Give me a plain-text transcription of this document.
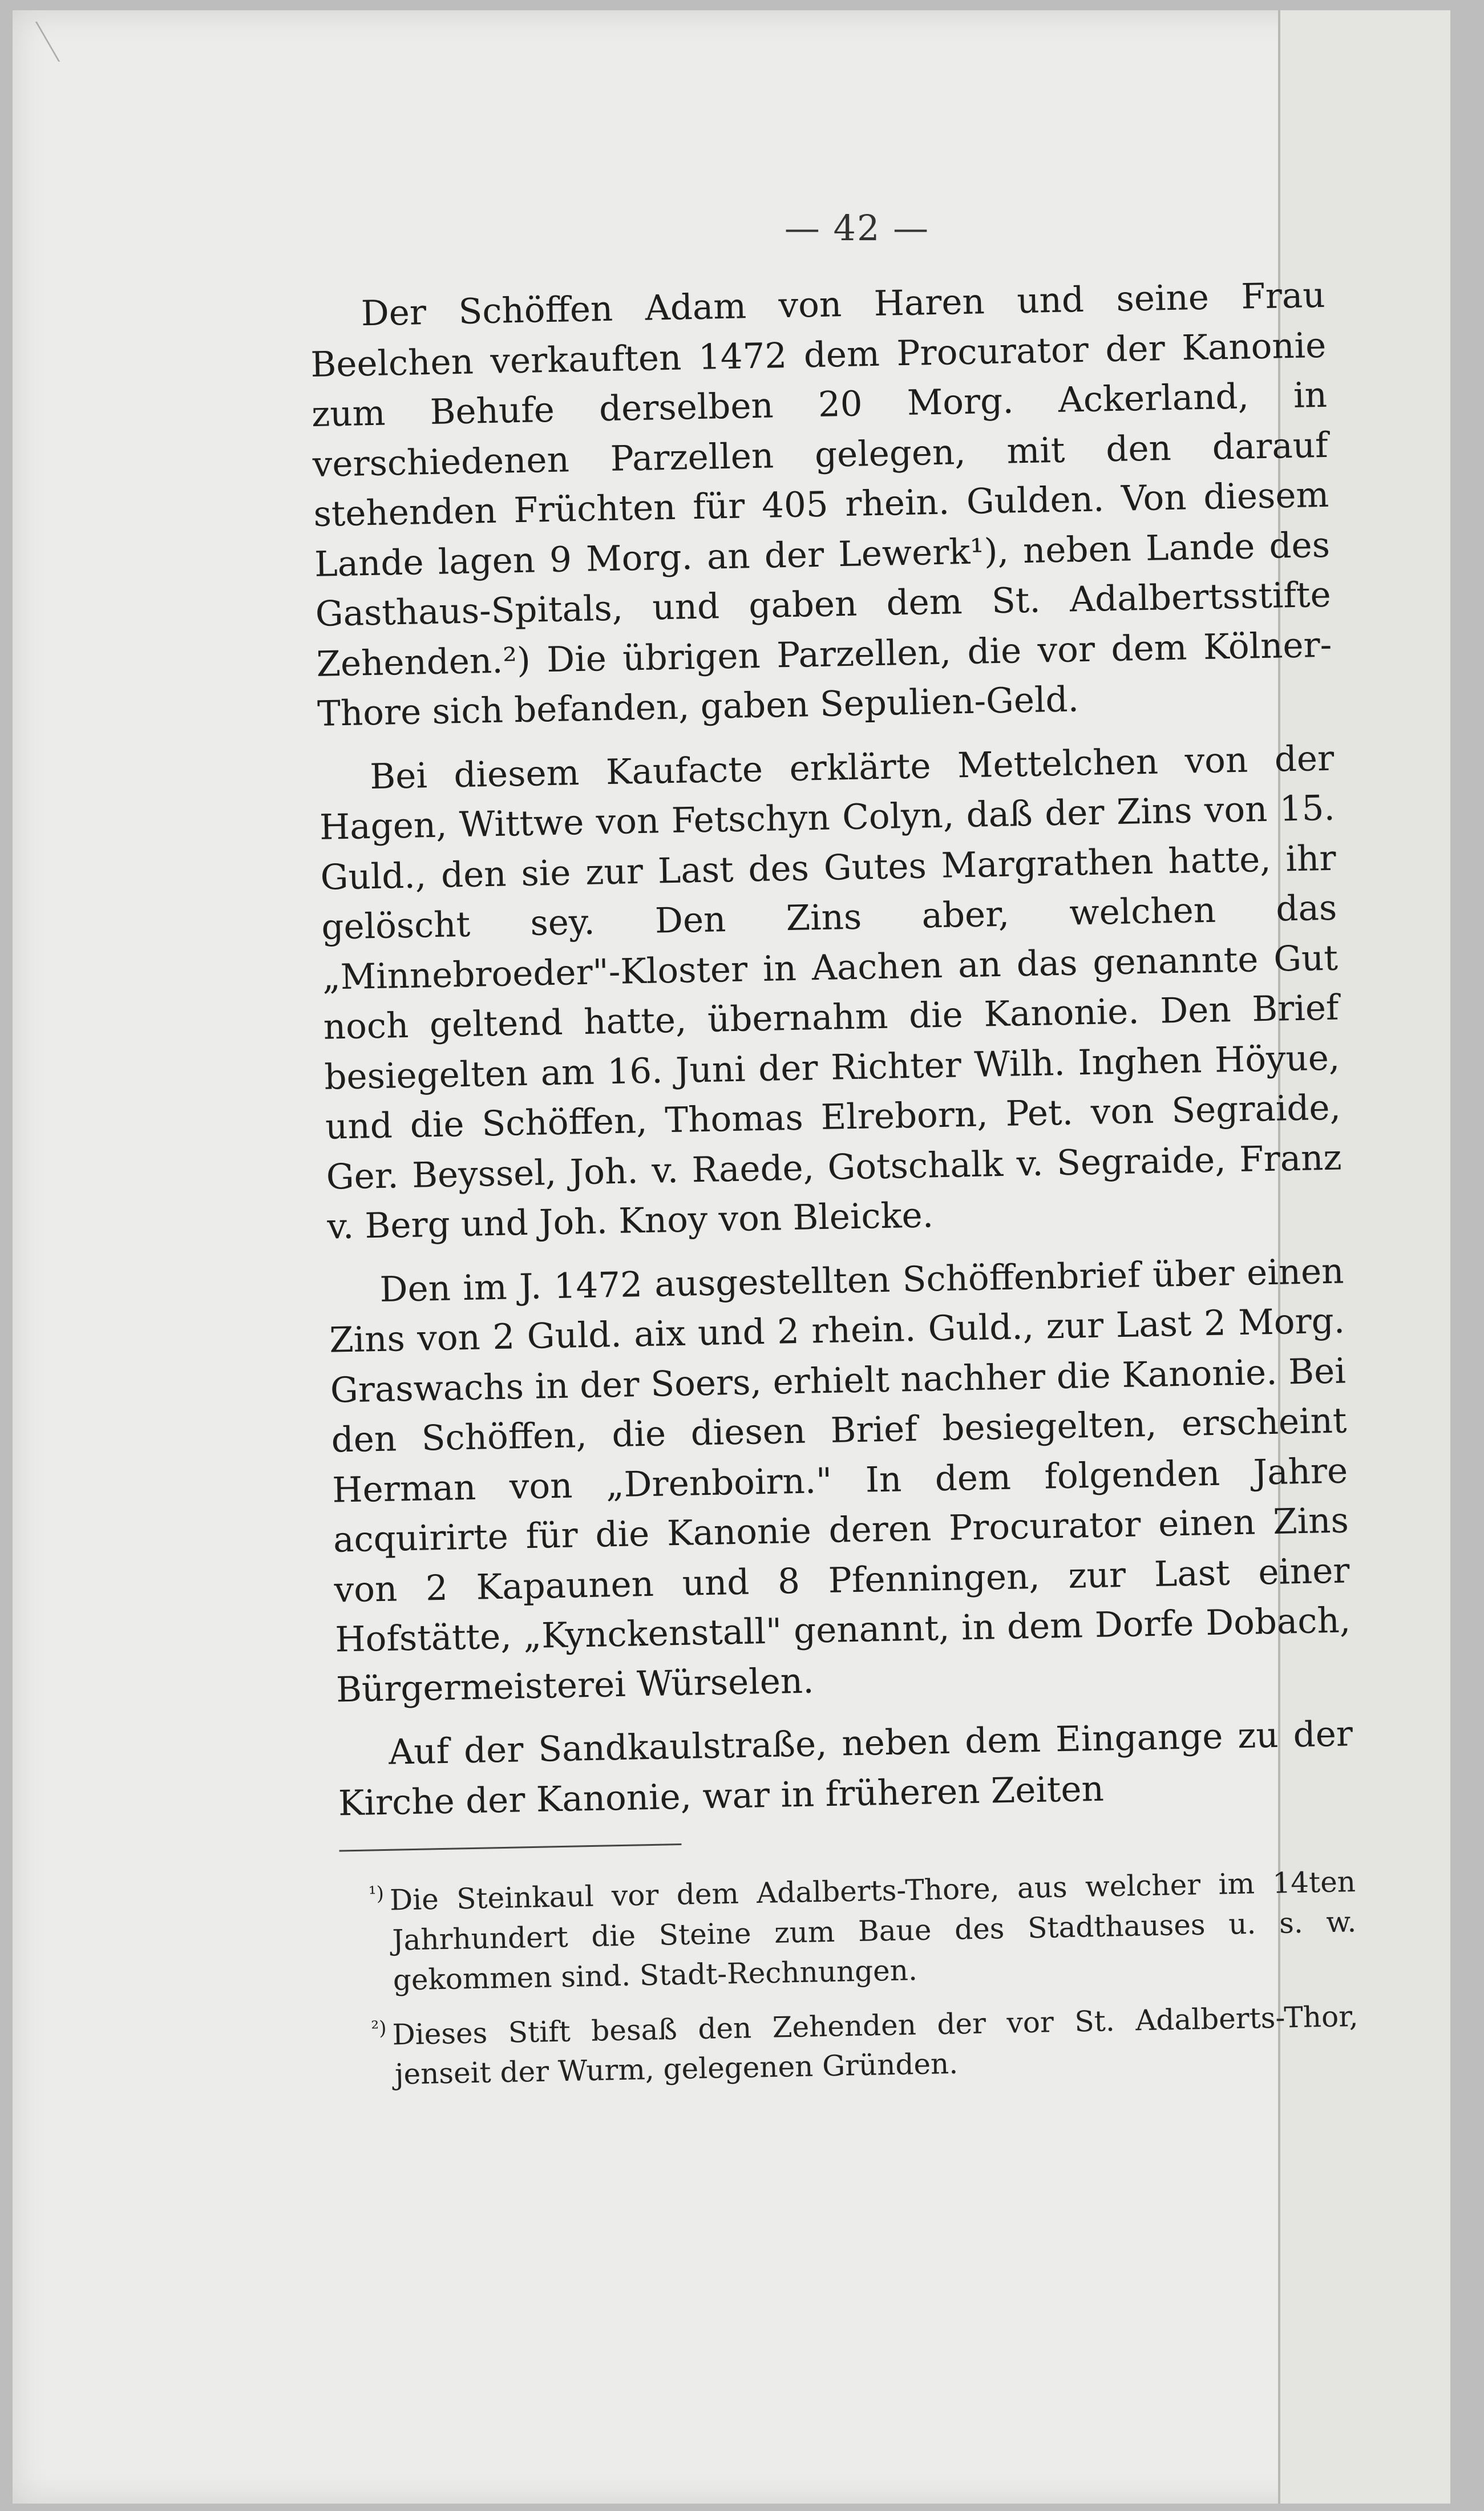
— 42 —

Der Schöffen Adam von Haren und seine Frau Beelchen verkauften 1472 dem Procurator der Kanonie zum Behufe derselben 20 Morg. Ackerland, in verschiedenen Parzellen gelegen, mit den darauf stehenden Früchten für 405 rhein. Gulden. Von diesem Lande lagen 9 Morg. an der Lewerk¹), neben Lande des Gasthaus-Spitals, und gaben dem St. Adalbertsstifte Zehenden.²) Die übrigen Parzellen, die vor dem Kölner-Thore sich befanden, gaben Sepulien-Geld.

Bei diesem Kaufacte erklärte Mettelchen von der Hagen, Wittwe von Fetschyn Colyn, daß der Zins von 15. Guld., den sie zur Last des Gutes Margrathen hatte, ihr gelöscht sey. Den Zins aber, welchen das „Minnebroeder"-Kloster in Aachen an das genannte Gut noch geltend hatte, übernahm die Kanonie. Den Brief besiegelten am 16. Juni der Richter Wilh. Inghen Höyue, und die Schöffen, Thomas Elreborn, Pet. von Segraide, Ger. Beyssel, Joh. v. Raede, Gotschalk v. Segraide, Franz v. Berg und Joh. Knoy von Bleicke.

Den im J. 1472 ausgestellten Schöffenbrief über einen Zins von 2 Guld. aix und 2 rhein. Guld., zur Last 2 Morg. Graswachs in der Soers, erhielt nachher die Kanonie. Bei den Schöffen, die diesen Brief besiegelten, erscheint Herman von „Drenboirn." In dem folgenden Jahre acquirirte für die Kanonie deren Procurator einen Zins von 2 Kapaunen und 8 Pfenningen, zur Last einer Hofstätte, „Kynckenstall" genannt, in dem Dorfe Dobach, Bürgermeisterei Würselen.

Auf der Sandkaulstraße, neben dem Eingange zu der Kirche der Kanonie, war in früheren Zeiten

$^{^1)}$ Die Steinkaul vor dem Adalberts-Thore, aus welcher im 14ten Jahrhundert die Steine zum Baue des Stadthauses u. s. w. gekommen sind. Stadt-Rechnungen.

$^{^2)}$ Dieses Stift besaß den Zehenden der vor St. Adalberts-Thor, jenseit der Wurm, gelegenen Gründen.
